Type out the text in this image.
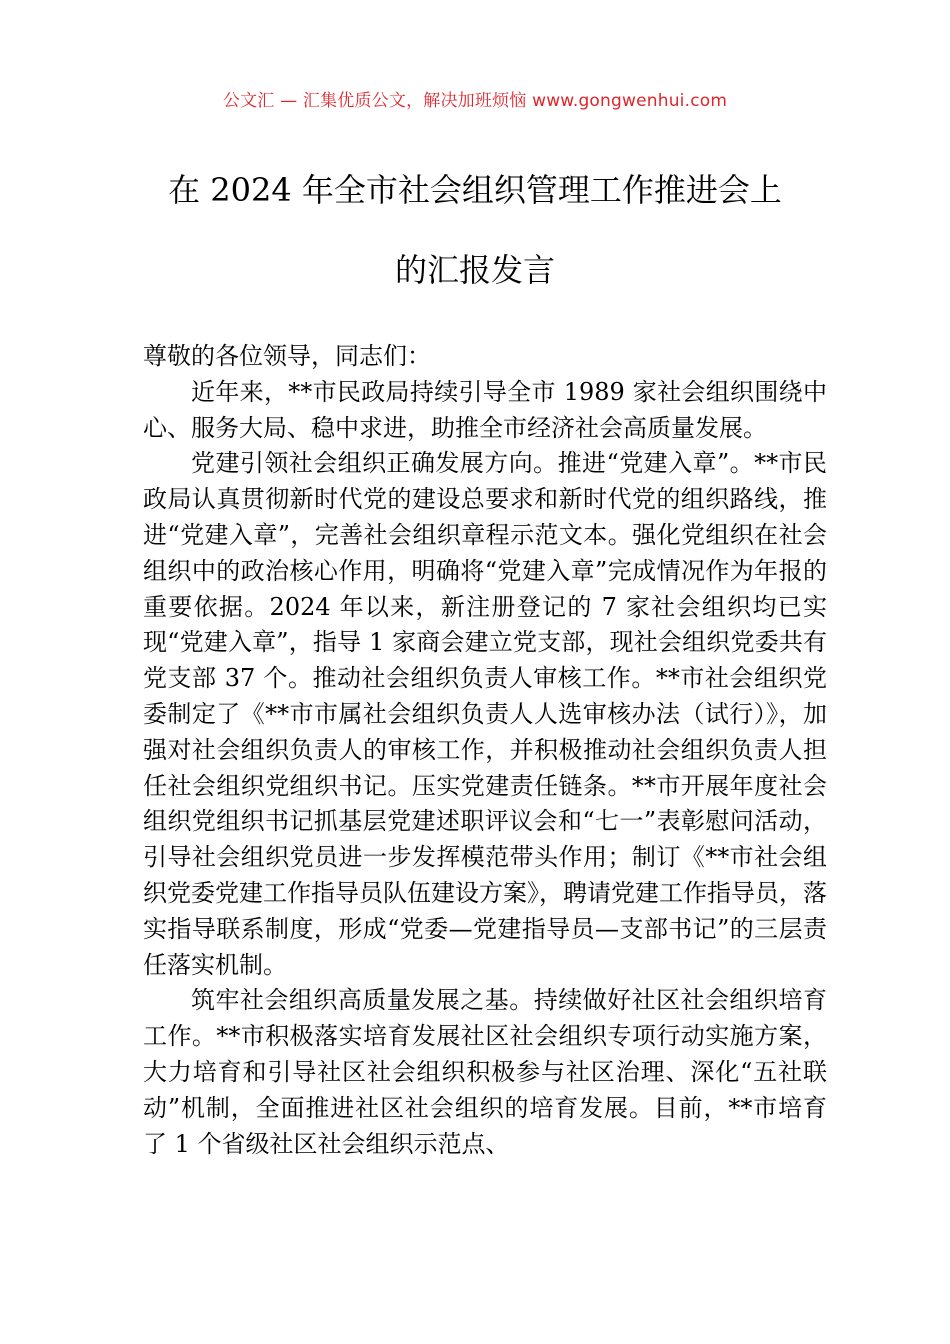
公文汇 — 汇集优质公文，解决加班烦恼 www.gongwenhui.com
在 2024 年全市社会组织管理工作推进会上
的汇报发言

尊敬的各位领导，同志们：

近年来，**市民政局持续引导全市 1989 家社会组织围绕中心、服务大局、稳中求进，助推全市经济社会高质量发展。

党建引领社会组织正确发展方向。推进“党建入章”。**市民政局认真贯彻新时代党的建设总要求和新时代党的组织路线，推进“党建入章”，完善社会组织章程示范文本。强化党组织在社会组织中的政治核心作用，明确将“党建入章”完成情况作为年报的重要依据。2024 年以来，新注册登记的 7 家社会组织均已实现“党建入章”，指导 1 家商会建立党支部，现社会组织党委共有党支部 37 个。推动社会组织负责人审核工作。**市社会组织党委制定了《**市市属社会组织负责人人选审核办法（试行）》，加强对社会组织负责人的审核工作，并积极推动社会组织负责人担任社会组织党组织书记。压实党建责任链条。**市开展年度社会组织党组织书记抓基层党建述职评议会和“七一”表彰慰问活动，引导社会组织党员进一步发挥模范带头作用；制订《**市社会组织党委党建工作指导员队伍建设方案》，聘请党建工作指导员，落实指导联系制度，形成“党委—党建指导员—支部书记”的三层责任落实机制。

筑牢社会组织高质量发展之基。持续做好社区社会组织培育工作。**市积极落实培育发展社区社会组织专项行动实施方案，大力培育和引导社区社会组织积极参与社区治理、深化“五社联动”机制，全面推进社区社会组织的培育发展。目前，**市培育了 1 个省级社区社会组织示范点、
